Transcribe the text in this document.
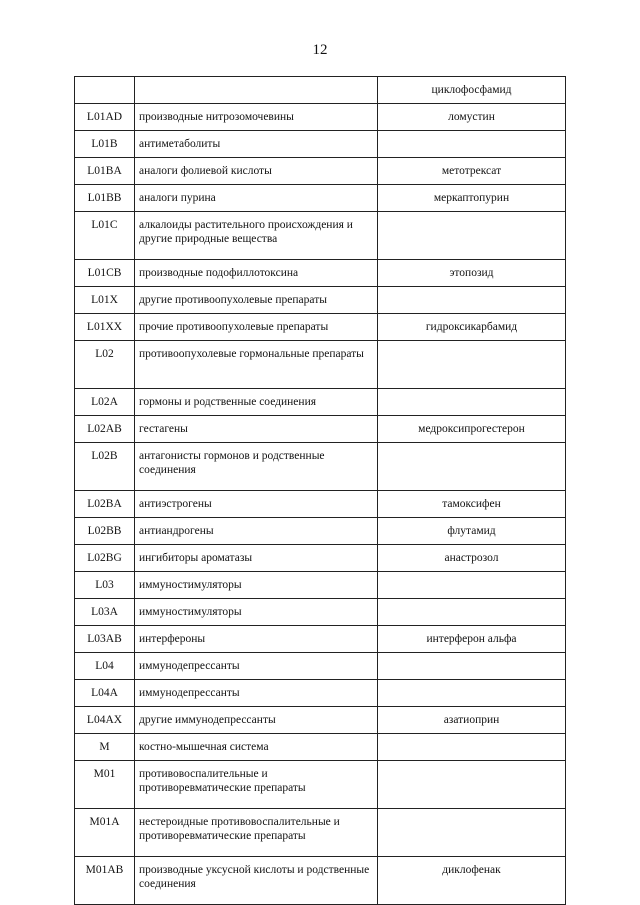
12
		циклофосфамид
L01AD	производные нитрозомочевины	ломустин
L01B	антиметаболиты	
L01BA	аналоги фолиевой кислоты	метотрексат
L01BB	аналоги пурина	меркаптопурин
L01C	алкалоиды растительного происхождения и другие природные вещества	
L01CB	производные подофиллотоксина	этопозид
L01X	другие противоопухолевые препараты	
L01XX	прочие противоопухолевые препараты	гидроксикарбамид
L02	противоопухолевые гормональные препараты	
L02A	гормоны и родственные соединения	
L02AB	гестагены	медроксипрогестерон
L02B	антагонисты гормонов и родственные соединения	
L02BA	антиэстрогены	тамоксифен
L02BB	антиандрогены	флутамид
L02BG	ингибиторы ароматазы	анастрозол
L03	иммуностимуляторы	
L03A	иммуностимуляторы	
L03AB	интерфероны	интерферон альфа
L04	иммунодепрессанты	
L04A	иммунодепрессанты	
L04AX	другие иммунодепрессанты	азатиоприн
M	костно-мышечная система	
M01	противовоспалительные и противоревматические препараты	
M01A	нестероидные противовоспалительные и противоревматические препараты	
M01AB	производные уксусной кислоты и родственные соединения	диклофенак
